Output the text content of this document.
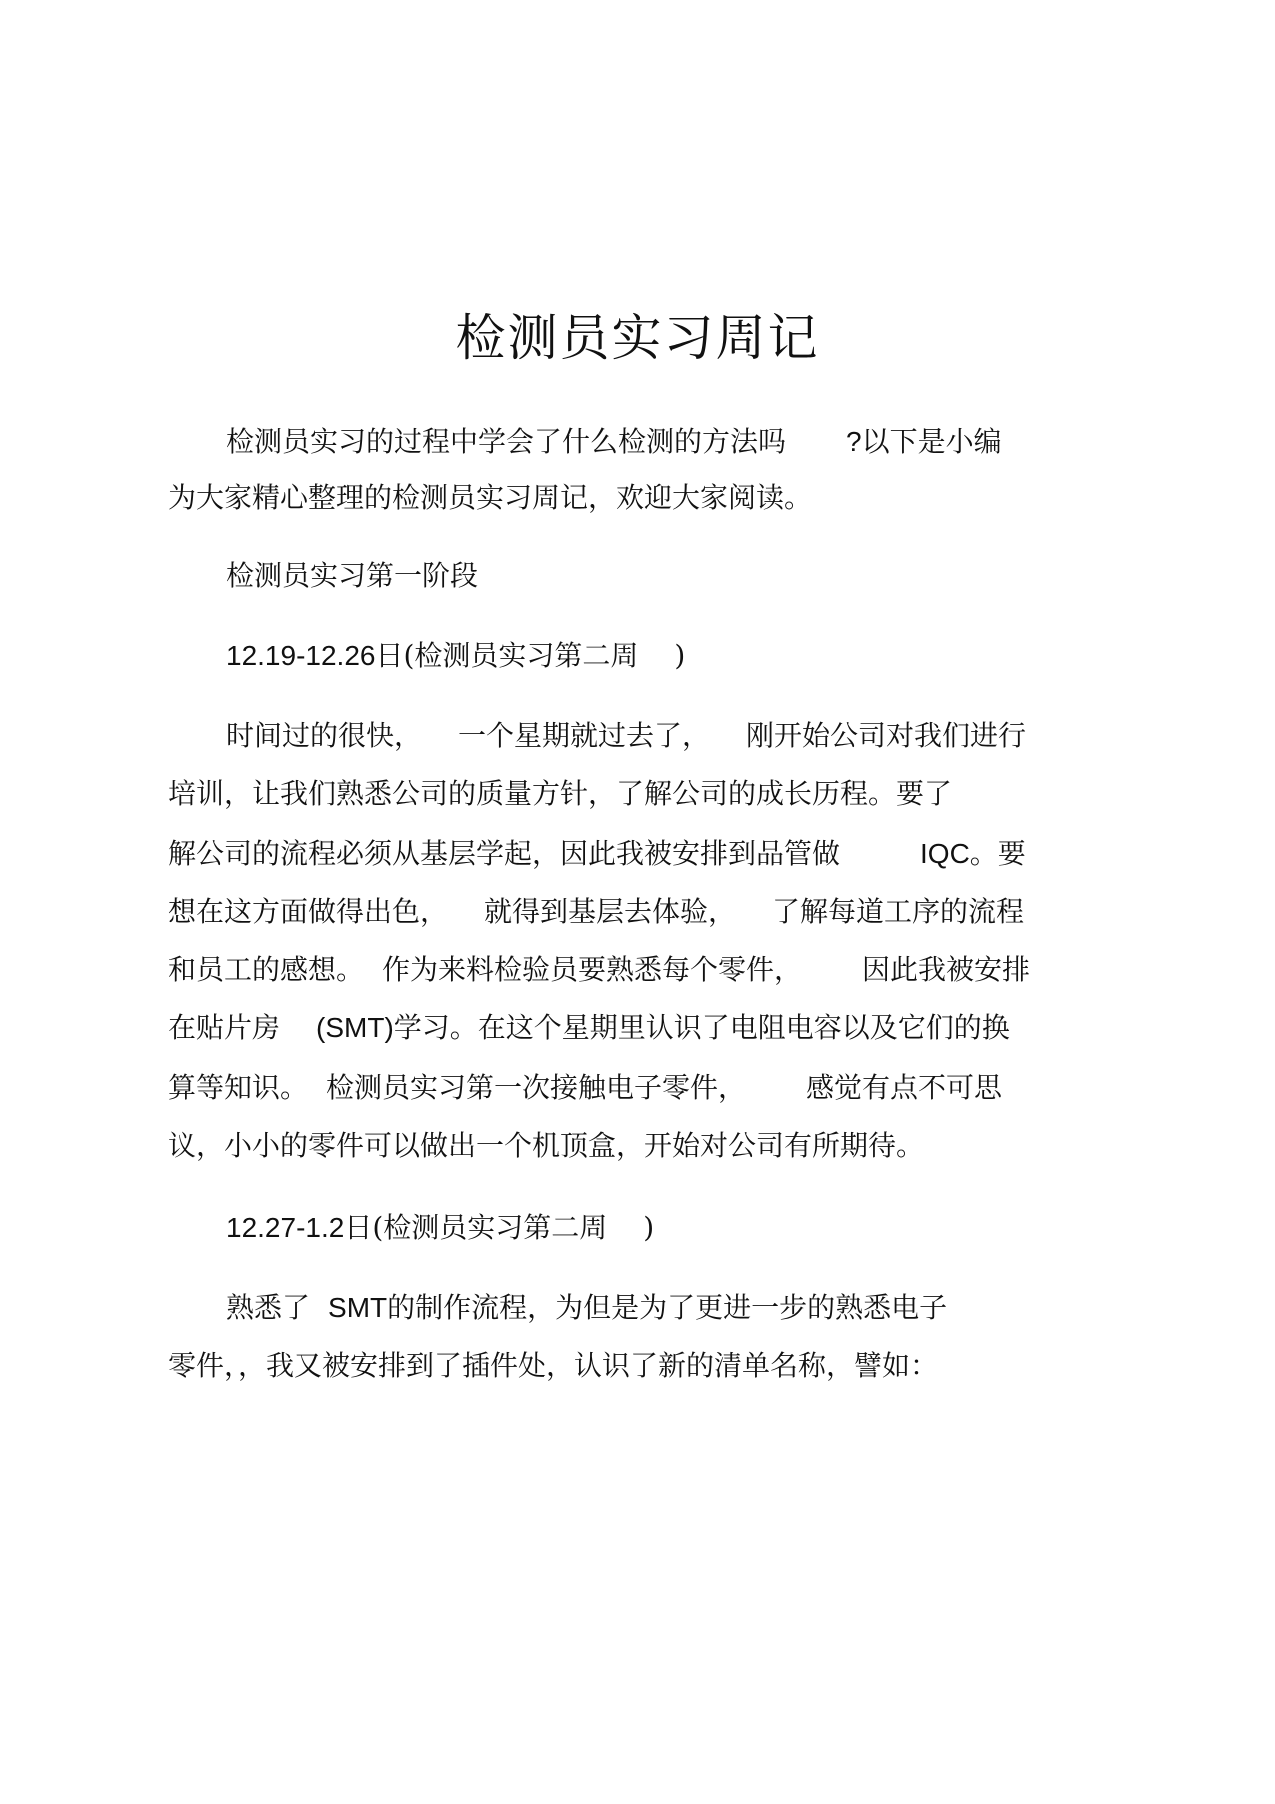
检测员实习周记

检测员实习的过程中学会了什么检测的方法吗 ?以下是小编

为大家精心整理的检测员实习周记，欢迎大家阅读。

检测员实习第一阶段

12.19-12.26日(检测员实习第二周 )

时间过的很快， 一个星期就过去了， 刚开始公司对我们进行

培训，让我们熟悉公司的质量方针，了解公司的成长历程。要了

解公司的流程必须从基层学起，因此我被安排到品管做	IQC。要

想在这方面做得出色， 就得到基层去体验， 了解每道工序的流程

和员工的感想。 作为来料检验员要熟悉每个零件， 因此我被安排

在贴片房 (SMT)学习。在这个星期里认识了电阻电容以及它们的换

算等知识。 检测员实习第一次接触电子零件， 感觉有点不可思

议，小小的零件可以做出一个机顶盒，开始对公司有所期待。

12.27-1.2日(检测员实习第二周 )

熟悉了 SMT的制作流程，为但是为了更进一步的熟悉电子

零件，，我又被安排到了插件处，认识了新的清单名称，譬如：
